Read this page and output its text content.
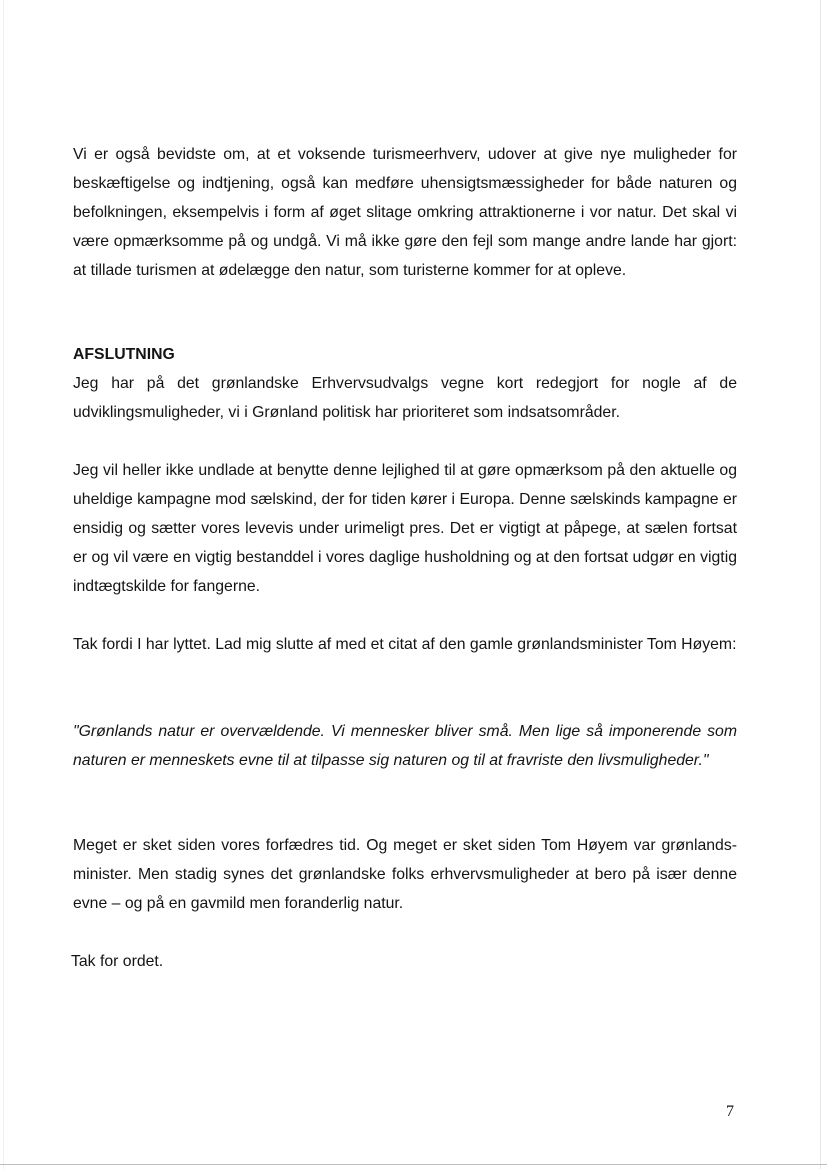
Vi er også bevidste om, at et voksende turismeerhverv, udover at give nye muligheder for beskæftigelse og indtjening, også kan medføre uhensigtsmæssigheder for både naturen og befolkningen, eksempelvis i form af øget slitage omkring attraktionerne i vor natur. Det skal vi være opmærksomme på og undgå. Vi må ikke gøre den fejl som mange andre lande har gjort: at tillade turismen at ødelægge den natur, som turisterne kommer for at opleve.

AFSLUTNING

Jeg har på det grønlandske Erhvervsudvalgs vegne kort redegjort for nogle af de udviklingsmuligheder, vi i Grønland politisk har prioriteret som indsatsområder.

Jeg vil heller ikke undlade at benytte denne lejlighed til at gøre opmærksom på den aktuelle og uheldige kampagne mod sælskind, der for tiden kører i Europa. Denne sælskinds kampagne er ensidig og sætter vores levevis under urimeligt pres. Det er vigtigt at påpege, at sælen fortsat er og vil være en vigtig bestanddel i vores daglige husholdning og at den fortsat udgør en vigtig indtægtskilde for fangerne.

Tak fordi I har lyttet. Lad mig slutte af med et citat af den gamle grønlandsminister Tom Høyem:

"Grønlands natur er overvældende. Vi mennesker bliver små. Men lige så imponerende som naturen er menneskets evne til at tilpasse sig naturen og til at fravriste den livsmuligheder."

Meget er sket siden vores forfædres tid. Og meget er sket siden Tom Høyem var grønlands-minister. Men stadig synes det grønlandske folks erhvervsmuligheder at bero på især denne evne – og på en gavmild men foranderlig natur.

Tak for ordet.

7
